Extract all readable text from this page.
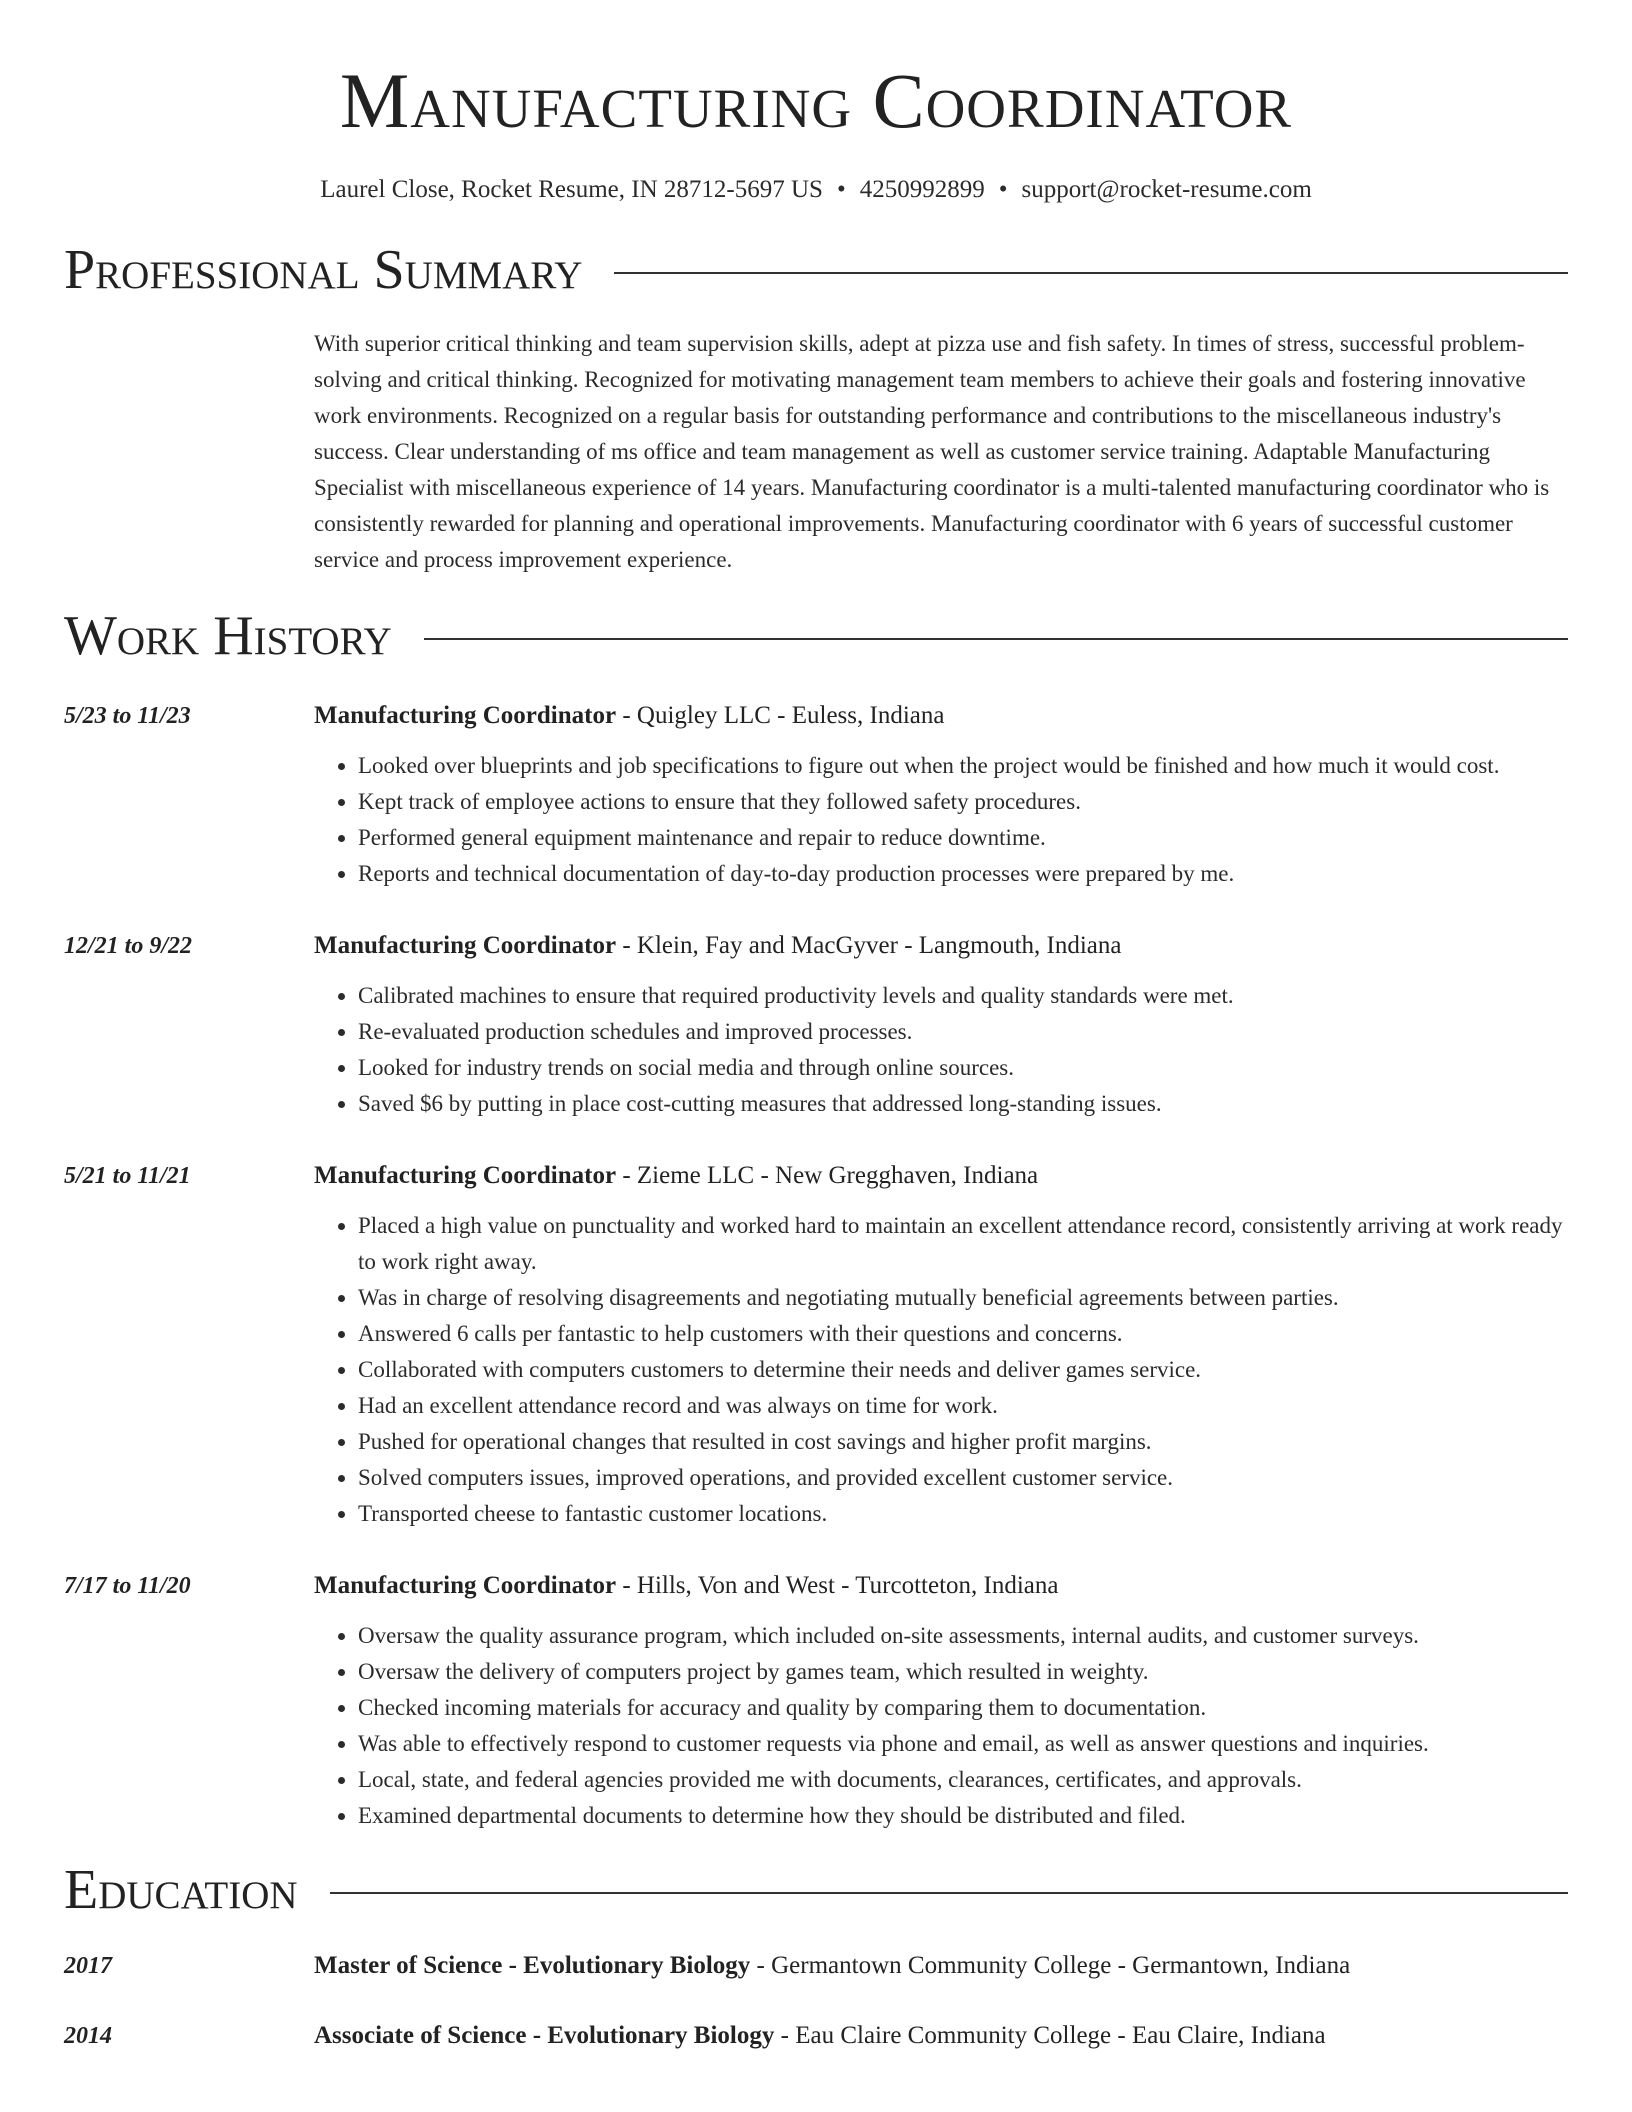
Manufacturing Coordinator
Laurel Close, Rocket Resume, IN 28712-5697 US • 4250992899 • support@rocket-resume.com
Professional Summary
With superior critical thinking and team supervision skills, adept at pizza use and fish safety. In times of stress, successful problem-solving and critical thinking. Recognized for motivating management team members to achieve their goals and fostering innovative work environments. Recognized on a regular basis for outstanding performance and contributions to the miscellaneous industry's success. Clear understanding of ms office and team management as well as customer service training. Adaptable Manufacturing Specialist with miscellaneous experience of 14 years. Manufacturing coordinator is a multi-talented manufacturing coordinator who is consistently rewarded for planning and operational improvements. Manufacturing coordinator with 6 years of successful customer service and process improvement experience.
Work History
5/23 to 11/23	Manufacturing Coordinator - Quigley LLC - Euless, Indiana
• Looked over blueprints and job specifications to figure out when the project would be finished and how much it would cost.
• Kept track of employee actions to ensure that they followed safety procedures.
• Performed general equipment maintenance and repair to reduce downtime.
• Reports and technical documentation of day-to-day production processes were prepared by me.
12/21 to 9/22	Manufacturing Coordinator - Klein, Fay and MacGyver - Langmouth, Indiana
• Calibrated machines to ensure that required productivity levels and quality standards were met.
• Re-evaluated production schedules and improved processes.
• Looked for industry trends on social media and through online sources.
• Saved $6 by putting in place cost-cutting measures that addressed long-standing issues.
5/21 to 11/21	Manufacturing Coordinator - Zieme LLC - New Gregghaven, Indiana
• Placed a high value on punctuality and worked hard to maintain an excellent attendance record, consistently arriving at work ready to work right away.
• Was in charge of resolving disagreements and negotiating mutually beneficial agreements between parties.
• Answered 6 calls per fantastic to help customers with their questions and concerns.
• Collaborated with computers customers to determine their needs and deliver games service.
• Had an excellent attendance record and was always on time for work.
• Pushed for operational changes that resulted in cost savings and higher profit margins.
• Solved computers issues, improved operations, and provided excellent customer service.
• Transported cheese to fantastic customer locations.
7/17 to 11/20	Manufacturing Coordinator - Hills, Von and West - Turcotteton, Indiana
• Oversaw the quality assurance program, which included on-site assessments, internal audits, and customer surveys.
• Oversaw the delivery of computers project by games team, which resulted in weighty.
• Checked incoming materials for accuracy and quality by comparing them to documentation.
• Was able to effectively respond to customer requests via phone and email, as well as answer questions and inquiries.
• Local, state, and federal agencies provided me with documents, clearances, certificates, and approvals.
• Examined departmental documents to determine how they should be distributed and filed.
Education
2017	Master of Science - Evolutionary Biology - Germantown Community College - Germantown, Indiana
2014	Associate of Science - Evolutionary Biology - Eau Claire Community College - Eau Claire, Indiana
